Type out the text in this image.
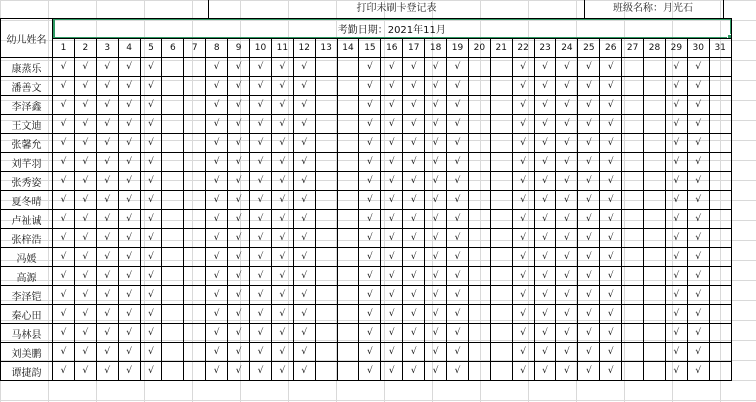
打印未刷卡登记表	班级名称：月光石
幼儿姓名	考勤日期：2021年11月																														
	1	2	3	4	5	6	7	8	9	10	11	12	13	14	15	16	17	18	19	20	21	22	23	24	25	26	27	28	29	30	31
康蒸乐	√	√	√	√	√			√	√	√	√	√			√	√	√	√	√			√	√	√	√	√			√	√	
潘善文	√	√	√	√	√			√	√	√	√	√			√	√	√	√	√			√	√	√	√	√			√	√	
李泽鑫	√	√	√	√	√			√	√	√	√	√			√	√	√	√	√			√	√	√	√	√			√	√	
王文迪	√	√	√	√	√			√	√	√	√	√			√	√	√	√	√			√	√	√	√	√			√	√	
张馨允	√	√	√	√	√			√	√	√	√	√			√	√	√	√	√			√	√	√	√	√			√	√	
刘芊羽	√	√	√	√	√			√	√	√	√	√			√	√	√	√	√			√	√	√	√	√			√	√	
张秀姿	√	√	√	√	√			√	√	√	√	√			√	√	√	√	√			√	√	√	√	√			√	√	
夏冬晴	√	√	√	√	√			√	√	√	√	√			√	√	√	√	√			√	√	√	√	√			√	√	
卢祉诚	√	√	√	√	√			√	√	√	√	√			√	√	√	√	√			√	√	√	√	√			√	√	
张梓浩	√	√	√	√	√			√	√	√	√	√			√	√	√	√	√			√	√	√	√	√			√	√	
冯媛	√	√	√	√	√			√	√	√	√	√			√	√	√	√	√			√	√	√	√	√			√	√	
高源	√	√	√	√	√			√	√	√	√	√			√	√	√	√	√			√	√	√	√	√			√	√	
李泽铠	√	√	√	√	√			√	√	√	√	√			√	√	√	√	√			√	√	√	√	√			√	√	
秦心田	√	√	√	√	√			√	√	√	√	√			√	√	√	√	√			√	√	√	√	√			√	√	
马林县	√	√	√	√	√			√	√	√	√	√			√	√	√	√	√			√	√	√	√	√			√	√	
刘美鹏	√	√	√	√	√			√	√	√	√	√			√	√	√	√	√			√	√	√	√	√			√	√	
谭捷韵	√	√	√	√	√			√	√	√	√	√			√	√	√	√	√			√	√	√	√	√			√	√	
